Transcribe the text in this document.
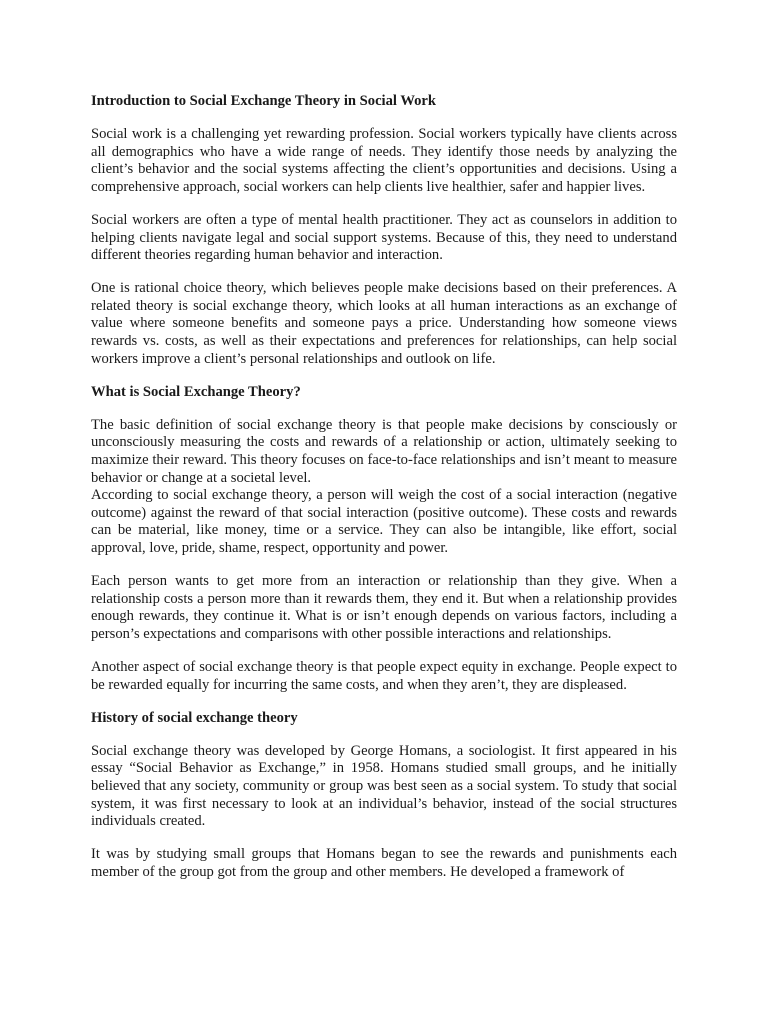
Introduction to Social Exchange Theory in Social Work

Social work is a challenging yet rewarding profession. Social workers typically have clients across all demographics who have a wide range of needs. They identify those needs by analyzing the client’s behavior and the social systems affecting the client’s opportunities and decisions. Using a comprehensive approach, social workers can help clients live healthier, safer and happier lives.

Social workers are often a type of mental health practitioner. They act as counselors in addition to helping clients navigate legal and social support systems. Because of this, they need to understand different theories regarding human behavior and interaction.

One is rational choice theory, which believes people make decisions based on their preferences. A related theory is social exchange theory, which looks at all human interactions as an exchange of value where someone benefits and someone pays a price. Understanding how someone views rewards vs. costs, as well as their expectations and preferences for relationships, can help social workers improve a client’s personal relationships and outlook on life.

What is Social Exchange Theory?

The basic definition of social exchange theory is that people make decisions by consciously or unconsciously measuring the costs and rewards of a relationship or action, ultimately seeking to maximize their reward. This theory focuses on face-to-face relationships and isn’t meant to measure behavior or change at a societal level.

According to social exchange theory, a person will weigh the cost of a social interaction (negative outcome) against the reward of that social interaction (positive outcome). These costs and rewards can be material, like money, time or a service. They can also be intangible, like effort, social approval, love, pride, shame, respect, opportunity and power.

Each person wants to get more from an interaction or relationship than they give. When a relationship costs a person more than it rewards them, they end it. But when a relationship provides enough rewards, they continue it. What is or isn’t enough depends on various factors, including a person’s expectations and comparisons with other possible interactions and relationships.

Another aspect of social exchange theory is that people expect equity in exchange. People expect to be rewarded equally for incurring the same costs, and when they aren’t, they are displeased.

History of social exchange theory

Social exchange theory was developed by George Homans, a sociologist. It first appeared in his essay “Social Behavior as Exchange,” in 1958. Homans studied small groups, and he initially believed that any society, community or group was best seen as a social system. To study that social system, it was first necessary to look at an individual’s behavior, instead of the social structures individuals created.

It was by studying small groups that Homans began to see the rewards and punishments each member of the group got from the group and other members. He developed a framework of
